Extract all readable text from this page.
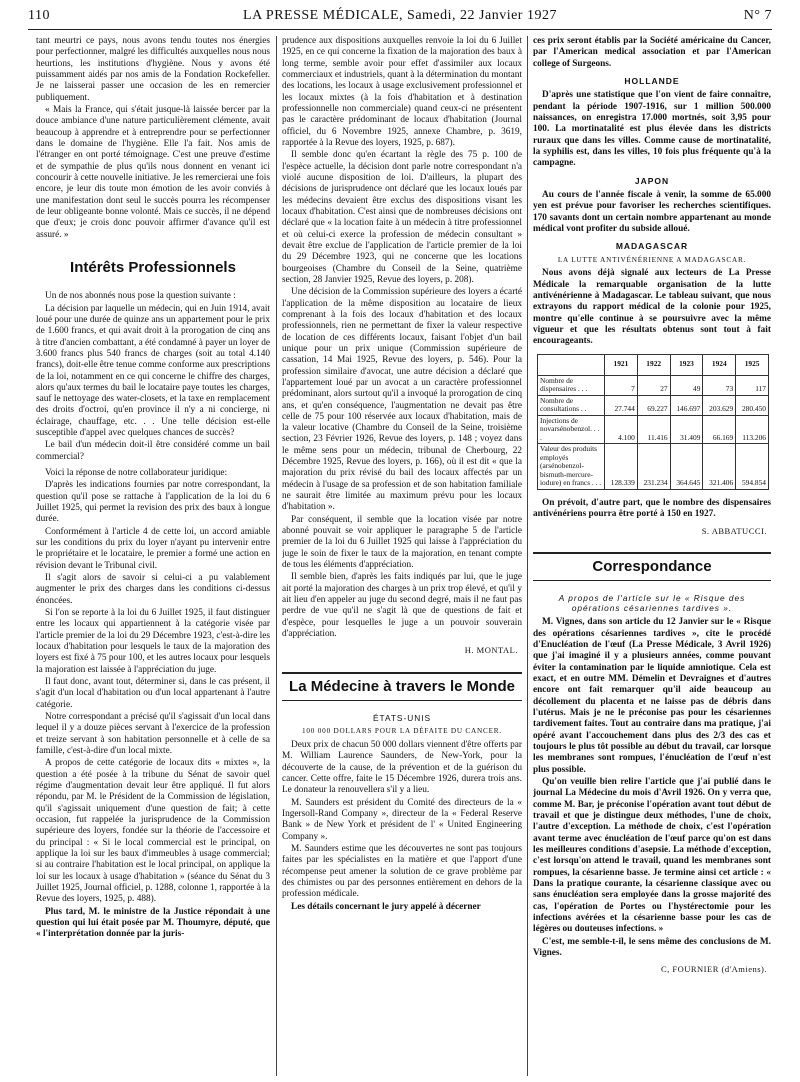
110	LA PRESSE MÉDICALE, Samedi, 22 Janvier 1927	N° 7

tant meurtri ce pays, nous avons tendu toutes nos énergies pour perfectionner, malgré les difficultés auxquelles nous nous heurtions, les institutions d'hygiène. Nous y avons été puissamment aidés par nos amis de la Fondation Rockefeller. Je ne laisserai passer une occasion de les en remercier publiquement.

« Mais la France, qui s'était jusque-là laissée bercer par la douce ambiance d'une nature particulièrement clémente, avait beaucoup à apprendre et à entreprendre pour se perfectionner dans le domaine de l'hygiène. Elle l'a fait. Nos amis de l'étranger en ont porté témoignage. C'est une preuve d'estime et de sympathie de plus qu'ils nous donnent en venant ici concourir à cette nouvelle initiative. Je les remercierai une fois encore, je leur dis toute mon émotion de les avoir conviés à une manifestation dont seul le succès pourra les récompenser de leur obligeante bonne volonté. Mais ce succès, il ne dépend que d'eux; je crois donc pouvoir affirmer d'avance qu'il est assuré. »

Intérêts Professionnels

Un de nos abonnés nous pose la question suivante :

La décision par laquelle un médecin, qui en Juin 1914, avait loué pour une durée de quinze ans un appartement pour le prix de 1.600 francs, et qui avait droit à la prorogation de cinq ans à titre d'ancien combattant, a été condamné à payer un loyer de 3.600 francs plus 540 francs de charges (soit au total 4.140 francs), doit-elle être tenue comme conforme aux prescriptions de la loi, notamment en ce qui concerne le chiffre des charges, alors qu'aux termes du bail le locataire paye toutes les charges, sauf le nettoyage des water-closets, et la taxe en remplacement des droits d'octroi, qu'en province il n'y a ni concierge, ni éclairage, chauffage, etc. . . Une telle décision est-elle susceptible d'appel avec quelques chances de succès?

Le bail d'un médecin doit-il être considéré comme un bail commercial?

Voici la réponse de notre collaborateur juridique:

D'après les indications fournies par notre correspondant, la question qu'il pose se rattache à l'application de la loi du 6 Juillet 1925, qui permet la revision des prix des baux à longue durée.

Conformément à l'article 4 de cette loi, un accord amiable sur les conditions du prix du loyer n'ayant pu intervenir entre le propriétaire et le locataire, le premier a formé une action en révision devant le Tribunal civil.

Il s'agit alors de savoir si celui-ci a pu valablement augmenter le prix des charges dans les conditions ci-dessus énoncées.

Si l'on se reporte à la loi du 6 Juillet 1925, il faut distinguer entre les locaux qui appartiennent à la catégorie visée par l'article premier de la loi du 29 Décembre 1923, c'est-à-dire les locaux d'habitation pour lesquels le taux de la majoration des loyers est fixé à 75 pour 100, et les autres locaux pour lesquels la majoration est laissée à l'appréciation du juge.

Il faut donc, avant tout, déterminer si, dans le cas présent, il s'agit d'un local d'habitation ou d'un local appartenant à l'autre catégorie.

Notre correspondant a précisé qu'il s'agissait d'un local dans lequel il y a douze pièces servant à l'exercice de la profession et treize servant à son habitation personnelle et à celle de sa famille, c'est-à-dire d'un local mixte.

A propos de cette catégorie de locaux dits « mixtes », la question a été posée à la tribune du Sénat de savoir quel régime d'augmentation devait leur être appliqué. Il fut alors répondu, par M. le Président de la Commission de législation, qu'il s'agissait uniquement d'une question de fait; à cette occasion, fut rappelée la jurisprudence de la Commission supérieure des loyers, fondée sur la théorie de l'accessoire et du principal : « Si le local commercial est le principal, on applique la loi sur les baux d'immeubles à usage commercial; si au contraire l'habitation est le local principal, on applique la loi sur les locaux à usage d'habitation » (séance du Sénat du 3 Juillet 1925, Journal officiel, p. 1288, colonne 1, rapportée à la Revue des loyers, 1925, p. 488).

Plus tard, M. le ministre de la Justice répondait à une question qui lui était posée par M. Thoumyre, député, que « l'interprétation donnée par la juris-

prudence aux dispositions auxquelles renvoie la loi du 6 Juillet 1925, en ce qui concerne la fixation de la majoration des baux à long terme, semble avoir pour effet d'assimiler aux locaux commerciaux et industriels, quant à la détermination du montant des locations, les locaux à usage exclusivement professionnel et les locaux mixtes (à la fois d'habitation et à destination professionnelle non commerciale) quand ceux-ci ne présentent pas le caractère prédominant de locaux d'habitation (Journal officiel, du 6 Novembre 1925, annexe Chambre, p. 3619, rapportée à la Revue des loyers, 1925, p. 687).

Il semble donc qu'en écartant la règle des 75 p. 100 de l'espèce actuelle, la décision dont parle notre correspondant n'a violé aucune disposition de loi. D'ailleurs, la plupart des décisions de jurisprudence ont déclaré que les locaux loués par les médecins devaient être exclus des dispositions visant les locaux d'habitation. C'est ainsi que de nombreuses décisions ont déclaré que « la location faite à un médecin à titre professionnel et où celui-ci exerce la profession de médecin consultant » devait être exclue de l'application de l'article premier de la loi du 29 Décembre 1923, qui ne concerne que les locations bourgeoises (Chambre du Conseil de la Seine, quatrième section, 28 Janvier 1925, Revue des loyers, p. 208).

Une décision de la Commission supérieure des loyers a écarté l'application de la même disposition au locataire de lieux comprenant à la fois des locaux d'habitation et des locaux professionnels, rien ne permettant de fixer la valeur respective de location de ces différents locaux, faisant l'objet d'un bail unique pour un prix unique (Commission supérieure de cassation, 14 Mai 1925, Revue des loyers, p. 546). Pour la profession similaire d'avocat, une autre décision a déclaré que l'appartement loué par un avocat a un caractère professionnel prédominant, alors surtout qu'il a invoqué la prorogation de cinq ans, et qu'en conséquence, l'augmentation ne devait pas être celle de 75 pour 100 réservée aux locaux d'habitation, mais de la valeur locative (Chambre du Conseil de la Seine, troisième section, 23 Février 1926, Revue des loyers, p. 148 ; voyez dans le même sens pour un médecin, tribunal de Cherbourg, 22 Décembre 1925, Revue des loyers, p. 166), où il est dit « que la majoration du prix révisé du bail des locaux affectés par un médecin à l'usage de sa profession et de son habitation familiale ne saurait être limitée au maximum prévu pour les locaux d'habitation ».

Par conséquent, il semble que la location visée par notre abonné pouvait se voir appliquer le paragraphe 5 de l'article premier de la loi du 6 Juillet 1925 qui laisse à l'appréciation du juge le soin de fixer le taux de la majoration, en tenant compte de tous les éléments d'appréciation.

Il semble bien, d'après les faits indiqués par lui, que le juge ait porté la majoration des charges à un prix trop élevé, et qu'il y ait lieu d'en appeler au juge du second degré, mais il ne faut pas perdre de vue qu'il ne s'agit là que de questions de fait et d'espèce, pour lesquelles le juge a un pouvoir souverain d'appréciation.

H. MONTAL.
La Médecine à travers le Monde
ÉTATS-UNIS
100 000 DOLLARS POUR LA DÉFAITE DU CANCER.

Deux prix de chacun 50 000 dollars viennent d'être offerts par M. William Laurence Saunders, de New-York, pour la découverte de la cause, de la prévention et de la guérison du cancer. Cette offre, faite le 15 Décembre 1926, durera trois ans. Le donateur la renouvellera s'il y a lieu.

M. Saunders est président du Comité des directeurs de la « Ingersoll-Rand Company », directeur de la « Federal Reserve Bank » de New York et président de l' « United Engineering Company ».

M. Saunders estime que les découvertes ne sont pas toujours faites par les spécialistes en la matière et que l'apport d'une récompense peut amener la solution de ce grave problème par des chimistes ou par des personnes entièrement en dehors de la profession médicale.

Les détails concernant le jury appelé à décerner

ces prix seront établis par la Société américaine du Cancer, par l'American medical association et par l'American college of Surgeons.

HOLLANDE

D'après une statistique que l'on vient de faire connaître, pendant la période 1907-1916, sur 1 million 500.000 naissances, on enregistra 17.000 mortnés, soit 3,95 pour 100. La mortinatalité est plus élevée dans les districts ruraux que dans les villes. Comme cause de mortinatalité, la syphilis est, dans les villes, 10 fois plus fréquente qu'à la campagne.

JAPON

Au cours de l'année fiscale à venir, la somme de 65.000 yen est prévue pour favoriser les recherches scientifiques. 170 savants dont un certain nombre appartenant au monde médical vont profiter du subside alloué.

MADAGASCAR
LA LUTTE ANTIVÉNÉRIENNE A MADAGASCAR.

Nous avons déjà signalé aux lecteurs de La Presse Médicale la remarquable organisation de la lutte antivénérienne à Madagascar. Le tableau suivant, que nous extrayons du rapport médical de la colonie pour 1925, montre qu'elle continue à se poursuivre avec la même vigueur et que les résultats obtenus sont tout à fait encourageants.

	1921	1922	1923	1924	1925
Nombre de dispensaires . . .	7	27	49	73	117
Nombre de consultations . .	27.744	69.227	146.697	203.629	280.450
Injections de novarsénobenzol. . . .	4.100	11.416	31.409	66.169	113.206
Valeur des produits employés (arsénobenzol-bismuth-mercure-iodure) en francs . . .	128.339	231.234	364.645	321.406	594.854

On prévoit, d'autre part, que le nombre des dispensaires antivénériens pourra être porté à 150 en 1927.

S. ABBATUCCI.
Correspondance
A propos de l'article sur le « Risque des opérations césariennes tardives ».

M. Vignes, dans son article du 12 Janvier sur le « Risque des opérations césariennes tardives », cite le procédé d'Enucléation de l'œuf (La Presse Médicale, 3 Avril 1926) que j'ai imaginé il y a plusieurs années, comme pouvant éviter la contamination par le liquide amniotique. Cela est exact, et en outre MM. Démelin et Devraignes et d'autres encore ont fait remarquer qu'il aide beaucoup au décollement du placenta et ne laisse pas de débris dans l'utérus. Mais je ne le préconise pas pour les césariennes tardivement faites. Tout au contraire dans ma pratique, j'ai opéré avant l'accouchement dans plus des 2/3 des cas et toujours le plus tôt possible au début du travail, car lorsque les membranes sont rompues, l'énucléation de l'œuf n'est plus possible.

Qu'on veuille bien relire l'article que j'ai publié dans le journal La Médecine du mois d'Avril 1926. On y verra que, comme M. Bar, je préconise l'opération avant tout début de travail et que je distingue deux méthodes, l'une de choix, l'autre d'exception. La méthode de choix, c'est l'opération avant terme avec énucléation de l'œuf parce qu'on est dans les meilleures conditions d'asepsie. La méthode d'exception, c'est lorsqu'on attend le travail, quand les membranes sont rompues, la césarienne basse. Je termine ainsi cet article : « Dans la pratique courante, la césarienne classique avec ou sans énucléation sera employée dans la grosse majorité des cas, l'opération de Portes ou l'hystérectomie pour les infections avérées et la césarienne basse pour les cas de légères ou douteuses infections. »

C'est, me semble-t-il, le sens même des conclusions de M. Vignes.

C, FOURNIER (d'Amiens).
